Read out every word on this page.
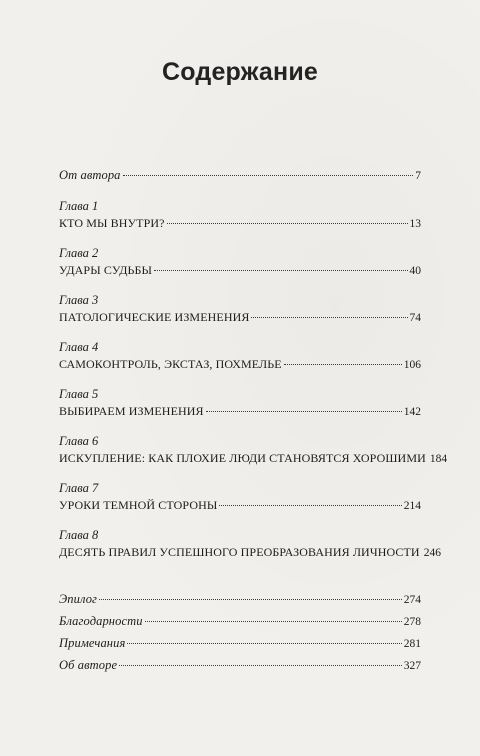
Содержание
От автора	7
Глава 1
КТО МЫ ВНУТРИ?	13
Глава 2
УДАРЫ СУДЬБЫ	40
Глава 3
ПАТОЛОГИЧЕСКИЕ ИЗМЕНЕНИЯ	74
Глава 4
САМОКОНТРОЛЬ, ЭКСТАЗ, ПОХМЕЛЬЕ	106
Глава 5
ВЫБИРАЕМ ИЗМЕНЕНИЯ	142
Глава 6
ИСКУПЛЕНИЕ: КАК ПЛОХИЕ ЛЮДИ СТАНОВЯТСЯ ХОРОШИМИ 184
Глава 7
УРОКИ ТЕМНОЙ СТОРОНЫ	214
Глава 8
ДЕСЯТЬ ПРАВИЛ УСПЕШНОГО ПРЕОБРАЗОВАНИЯ ЛИЧНОСТИ 246
Эпилог	274
Благодарности	278
Примечания	281
Об авторе	327
